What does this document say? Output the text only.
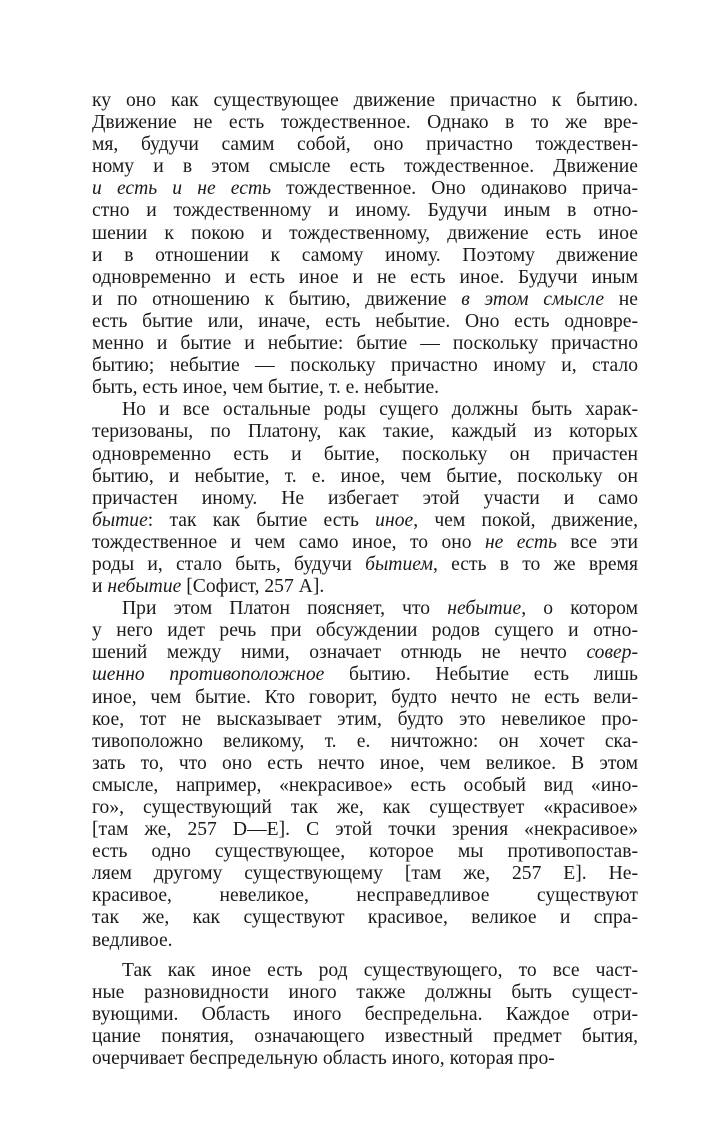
ку оно как существующее движение причастно к бытию.
Движение не есть тождественное. Однако в то же вре-
мя, будучи самим собой, оно причастно тождествен-
ному и в этом смысле есть тождественное. Движение
и есть и не есть тождественное. Оно одинаково прича-
стно и тождественному и иному. Будучи иным в отно-
шении к покою и тождественному, движение есть иное
и в отношении к самому иному. Поэтому движение
одновременно и есть иное и не есть иное. Будучи иным
и по отношению к бытию, движение в этом смысле не
есть бытие или, иначе, есть небытие. Оно есть одновре-
менно и бытие и небытие: бытие — поскольку причастно
бытию; небытие — поскольку причастно иному и, стало
быть, есть иное, чем бытие, т. е. небытие.
Но и все остальные роды сущего должны быть харак-
теризованы, по Платону, как такие, каждый из которых
одновременно есть и бытие, поскольку он причастен
бытию, и небытие, т. е. иное, чем бытие, поскольку он
причастен иному. Не избегает этой участи и само
бытие: так как бытие есть иное, чем покой, движение,
тождественное и чем само иное, то оно не есть все эти
роды и, стало быть, будучи бытием, есть в то же время
и небытие [Софист, 257 A].
При этом Платон поясняет, что небытие, о котором
у него идет речь при обсуждении родов сущего и отно-
шений между ними, означает отнюдь не нечто совер-
шенно противоположное бытию. Небытие есть лишь
иное, чем бытие. Кто говорит, будто нечто не есть вели-
кое, тот не высказывает этим, будто это невеликое про-
тивоположно великому, т. е. ничтожно: он хочет ска-
зать то, что оно есть нечто иное, чем великое. В этом
смысле, например, «некрасивое» есть особый вид «ино-
го», существующий так же, как существует «красивое»
[там же, 257 D—E]. С этой точки зрения «некрасивое»
есть одно существующее, которое мы противопостав-
ляем другому существующему [там же, 257 E]. Не-
красивое, невеликое, несправедливое существуют
так же, как существуют красивое, великое и спра-
ведливое.
Так как иное есть род существующего, то все част-
ные разновидности иного также должны быть сущест-
вующими. Область иного беспредельна. Каждое отри-
цание понятия, означающего известный предмет бытия,
очерчивает беспредельную область иного, которая про-
